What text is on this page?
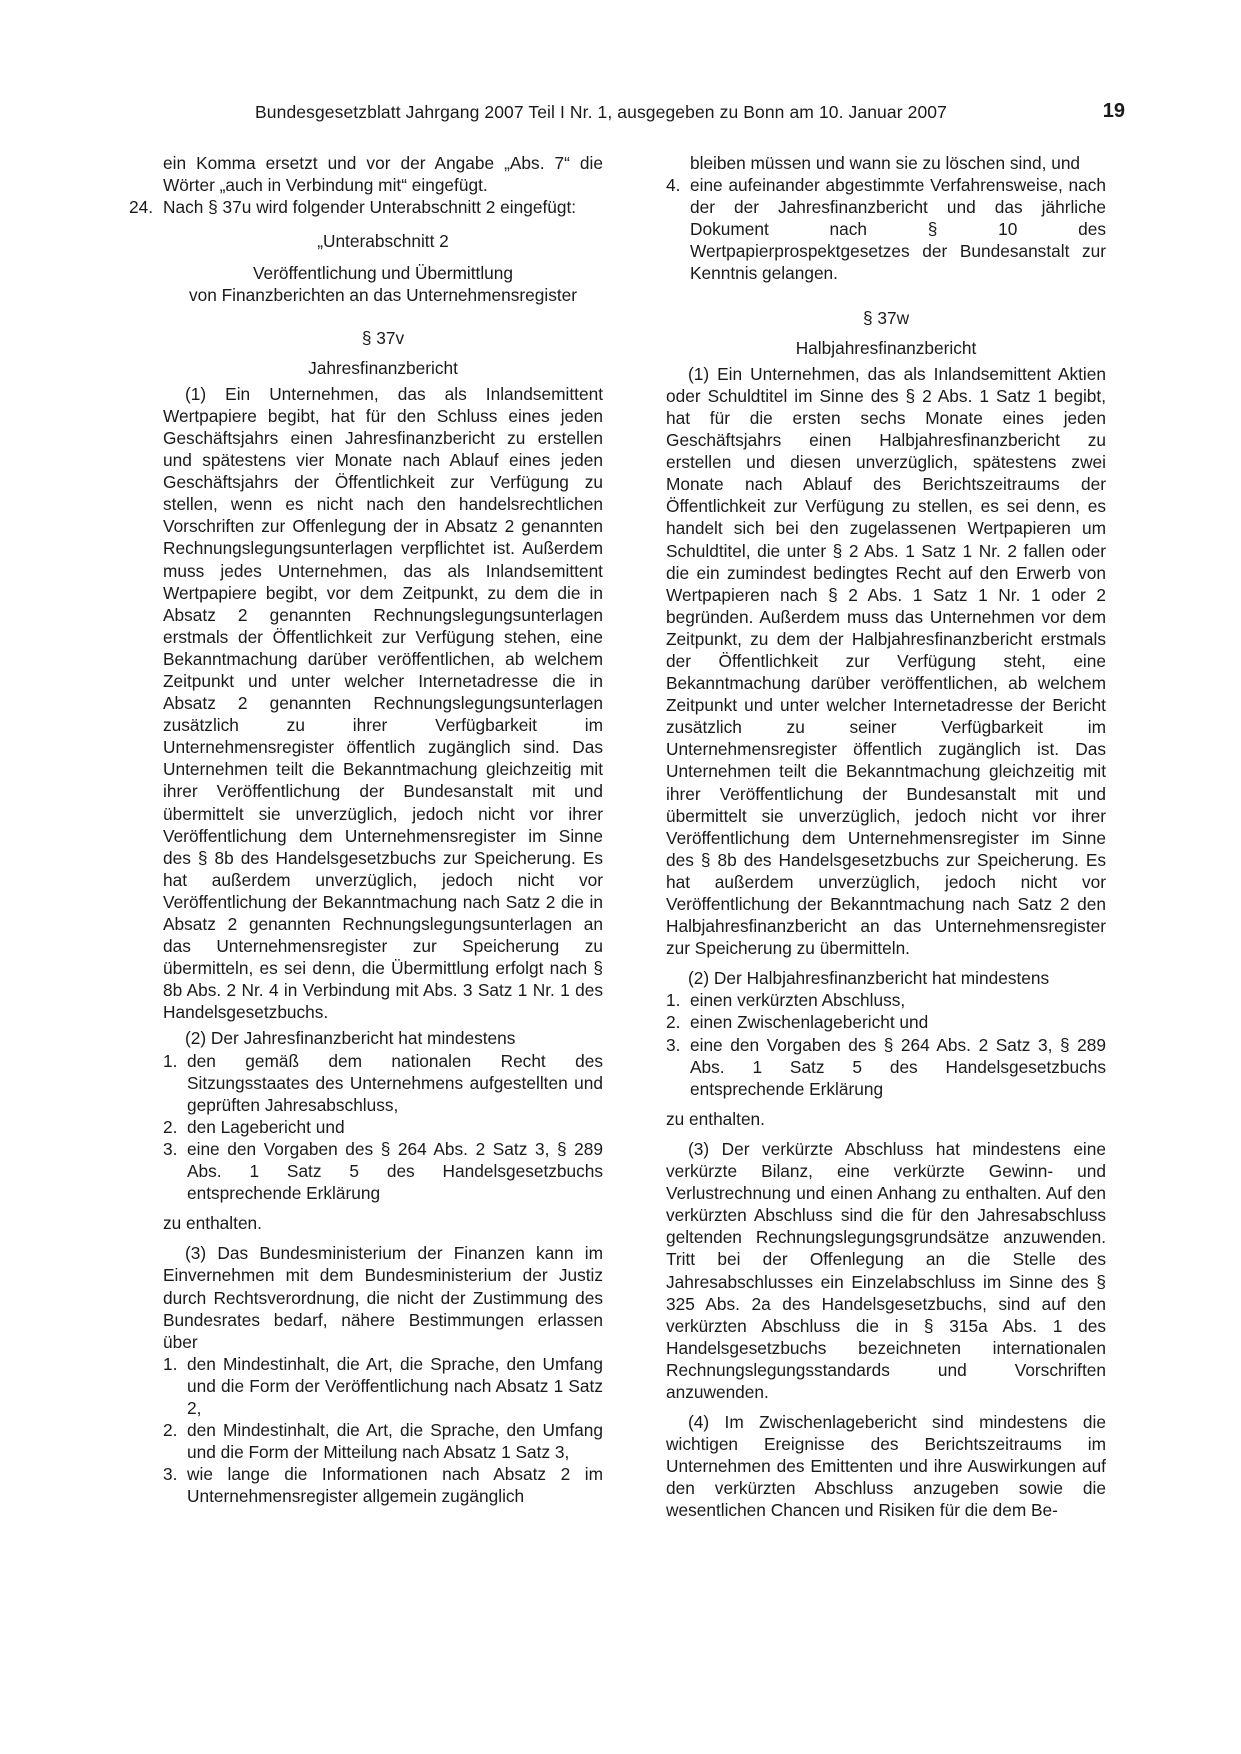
Bundesgesetzblatt Jahrgang 2007 Teil I Nr. 1, ausgegeben zu Bonn am 10. Januar 2007	19

ein Komma ersetzt und vor der Angabe „Abs. 7“ die Wörter „auch in Verbindung mit“ eingefügt.

24. Nach § 37u wird folgender Unterabschnitt 2 eingefügt:

„Unterabschnitt 2

Veröffentlichung und Übermittlung

von Finanzberichten an das Unternehmensregister

§ 37v

Jahresfinanzbericht

(1) Ein Unternehmen, das als Inlandsemittent Wertpapiere begibt, hat für den Schluss eines jeden Geschäftsjahrs einen Jahresfinanzbericht zu erstellen und spätestens vier Monate nach Ablauf eines jeden Geschäftsjahrs der Öffentlichkeit zur Verfügung zu stellen, wenn es nicht nach den handelsrechtlichen Vorschriften zur Offenlegung der in Absatz 2 genannten Rechnungslegungsunterlagen verpflichtet ist. Außerdem muss jedes Unternehmen, das als Inlandsemittent Wertpapiere begibt, vor dem Zeitpunkt, zu dem die in Absatz 2 genannten Rechnungslegungsunterlagen erstmals der Öffentlichkeit zur Verfügung stehen, eine Bekanntmachung darüber veröffentlichen, ab welchem Zeitpunkt und unter welcher Internetadresse die in Absatz 2 genannten Rechnungslegungsunterlagen zusätzlich zu ihrer Verfügbarkeit im Unternehmensregister öffentlich zugänglich sind. Das Unternehmen teilt die Bekanntmachung gleichzeitig mit ihrer Veröffentlichung der Bundesanstalt mit und übermittelt sie unverzüglich, jedoch nicht vor ihrer Veröffentlichung dem Unternehmensregister im Sinne des § 8b des Handelsgesetzbuchs zur Speicherung. Es hat außerdem unverzüglich, jedoch nicht vor Veröffentlichung der Bekanntmachung nach Satz 2 die in Absatz 2 genannten Rechnungslegungsunterlagen an das Unternehmensregister zur Speicherung zu übermitteln, es sei denn, die Übermittlung erfolgt nach § 8b Abs. 2 Nr. 4 in Verbindung mit Abs. 3 Satz 1 Nr. 1 des Handelsgesetzbuchs.

(2) Der Jahresfinanzbericht hat mindestens

1. den gemäß dem nationalen Recht des Sitzungsstaates des Unternehmens aufgestellten und geprüften Jahresabschluss,
2. den Lagebericht und
3. eine den Vorgaben des § 264 Abs. 2 Satz 3, § 289 Abs. 1 Satz 5 des Handelsgesetzbuchs entsprechende Erklärung

zu enthalten.

(3) Das Bundesministerium der Finanzen kann im Einvernehmen mit dem Bundesministerium der Justiz durch Rechtsverordnung, die nicht der Zustimmung des Bundesrates bedarf, nähere Bestimmungen erlassen über

1. den Mindestinhalt, die Art, die Sprache, den Umfang und die Form der Veröffentlichung nach Absatz 1 Satz 2,
2. den Mindestinhalt, die Art, die Sprache, den Umfang und die Form der Mitteilung nach Absatz 1 Satz 3,
3. wie lange die Informationen nach Absatz 2 im Unternehmensregister allgemein zugänglich

bleiben müssen und wann sie zu löschen sind, und

4. eine aufeinander abgestimmte Verfahrensweise, nach der der Jahresfinanzbericht und das jährliche Dokument nach § 10 des Wertpapierprospektgesetzes der Bundesanstalt zur Kenntnis gelangen.

§ 37w

Halbjahresfinanzbericht

(1) Ein Unternehmen, das als Inlandsemittent Aktien oder Schuldtitel im Sinne des § 2 Abs. 1 Satz 1 begibt, hat für die ersten sechs Monate eines jeden Geschäftsjahrs einen Halbjahresfinanzbericht zu erstellen und diesen unverzüglich, spätestens zwei Monate nach Ablauf des Berichtszeitraums der Öffentlichkeit zur Verfügung zu stellen, es sei denn, es handelt sich bei den zugelassenen Wertpapieren um Schuldtitel, die unter § 2 Abs. 1 Satz 1 Nr. 2 fallen oder die ein zumindest bedingtes Recht auf den Erwerb von Wertpapieren nach § 2 Abs. 1 Satz 1 Nr. 1 oder 2 begründen. Außerdem muss das Unternehmen vor dem Zeitpunkt, zu dem der Halbjahresfinanzbericht erstmals der Öffentlichkeit zur Verfügung steht, eine Bekanntmachung darüber veröffentlichen, ab welchem Zeitpunkt und unter welcher Internetadresse der Bericht zusätzlich zu seiner Verfügbarkeit im Unternehmensregister öffentlich zugänglich ist. Das Unternehmen teilt die Bekanntmachung gleichzeitig mit ihrer Veröffentlichung der Bundesanstalt mit und übermittelt sie unverzüglich, jedoch nicht vor ihrer Veröffentlichung dem Unternehmensregister im Sinne des § 8b des Handelsgesetzbuchs zur Speicherung. Es hat außerdem unverzüglich, jedoch nicht vor Veröffentlichung der Bekanntmachung nach Satz 2 den Halbjahresfinanzbericht an das Unternehmensregister zur Speicherung zu übermitteln.

(2) Der Halbjahresfinanzbericht hat mindestens

1. einen verkürzten Abschluss,
2. einen Zwischenlagebericht und
3. eine den Vorgaben des § 264 Abs. 2 Satz 3, § 289 Abs. 1 Satz 5 des Handelsgesetzbuchs entsprechende Erklärung

zu enthalten.

(3) Der verkürzte Abschluss hat mindestens eine verkürzte Bilanz, eine verkürzte Gewinn- und Verlustrechnung und einen Anhang zu enthalten. Auf den verkürzten Abschluss sind die für den Jahresabschluss geltenden Rechnungslegungsgrundsätze anzuwenden. Tritt bei der Offenlegung an die Stelle des Jahresabschlusses ein Einzelabschluss im Sinne des § 325 Abs. 2a des Handelsgesetzbuchs, sind auf den verkürzten Abschluss die in § 315a Abs. 1 des Handelsgesetzbuchs bezeichneten internationalen Rechnungslegungsstandards und Vorschriften anzuwenden.

(4) Im Zwischenlagebericht sind mindestens die wichtigen Ereignisse des Berichtszeitraums im Unternehmen des Emittenten und ihre Auswirkungen auf den verkürzten Abschluss anzugeben sowie die wesentlichen Chancen und Risiken für die dem Be-
